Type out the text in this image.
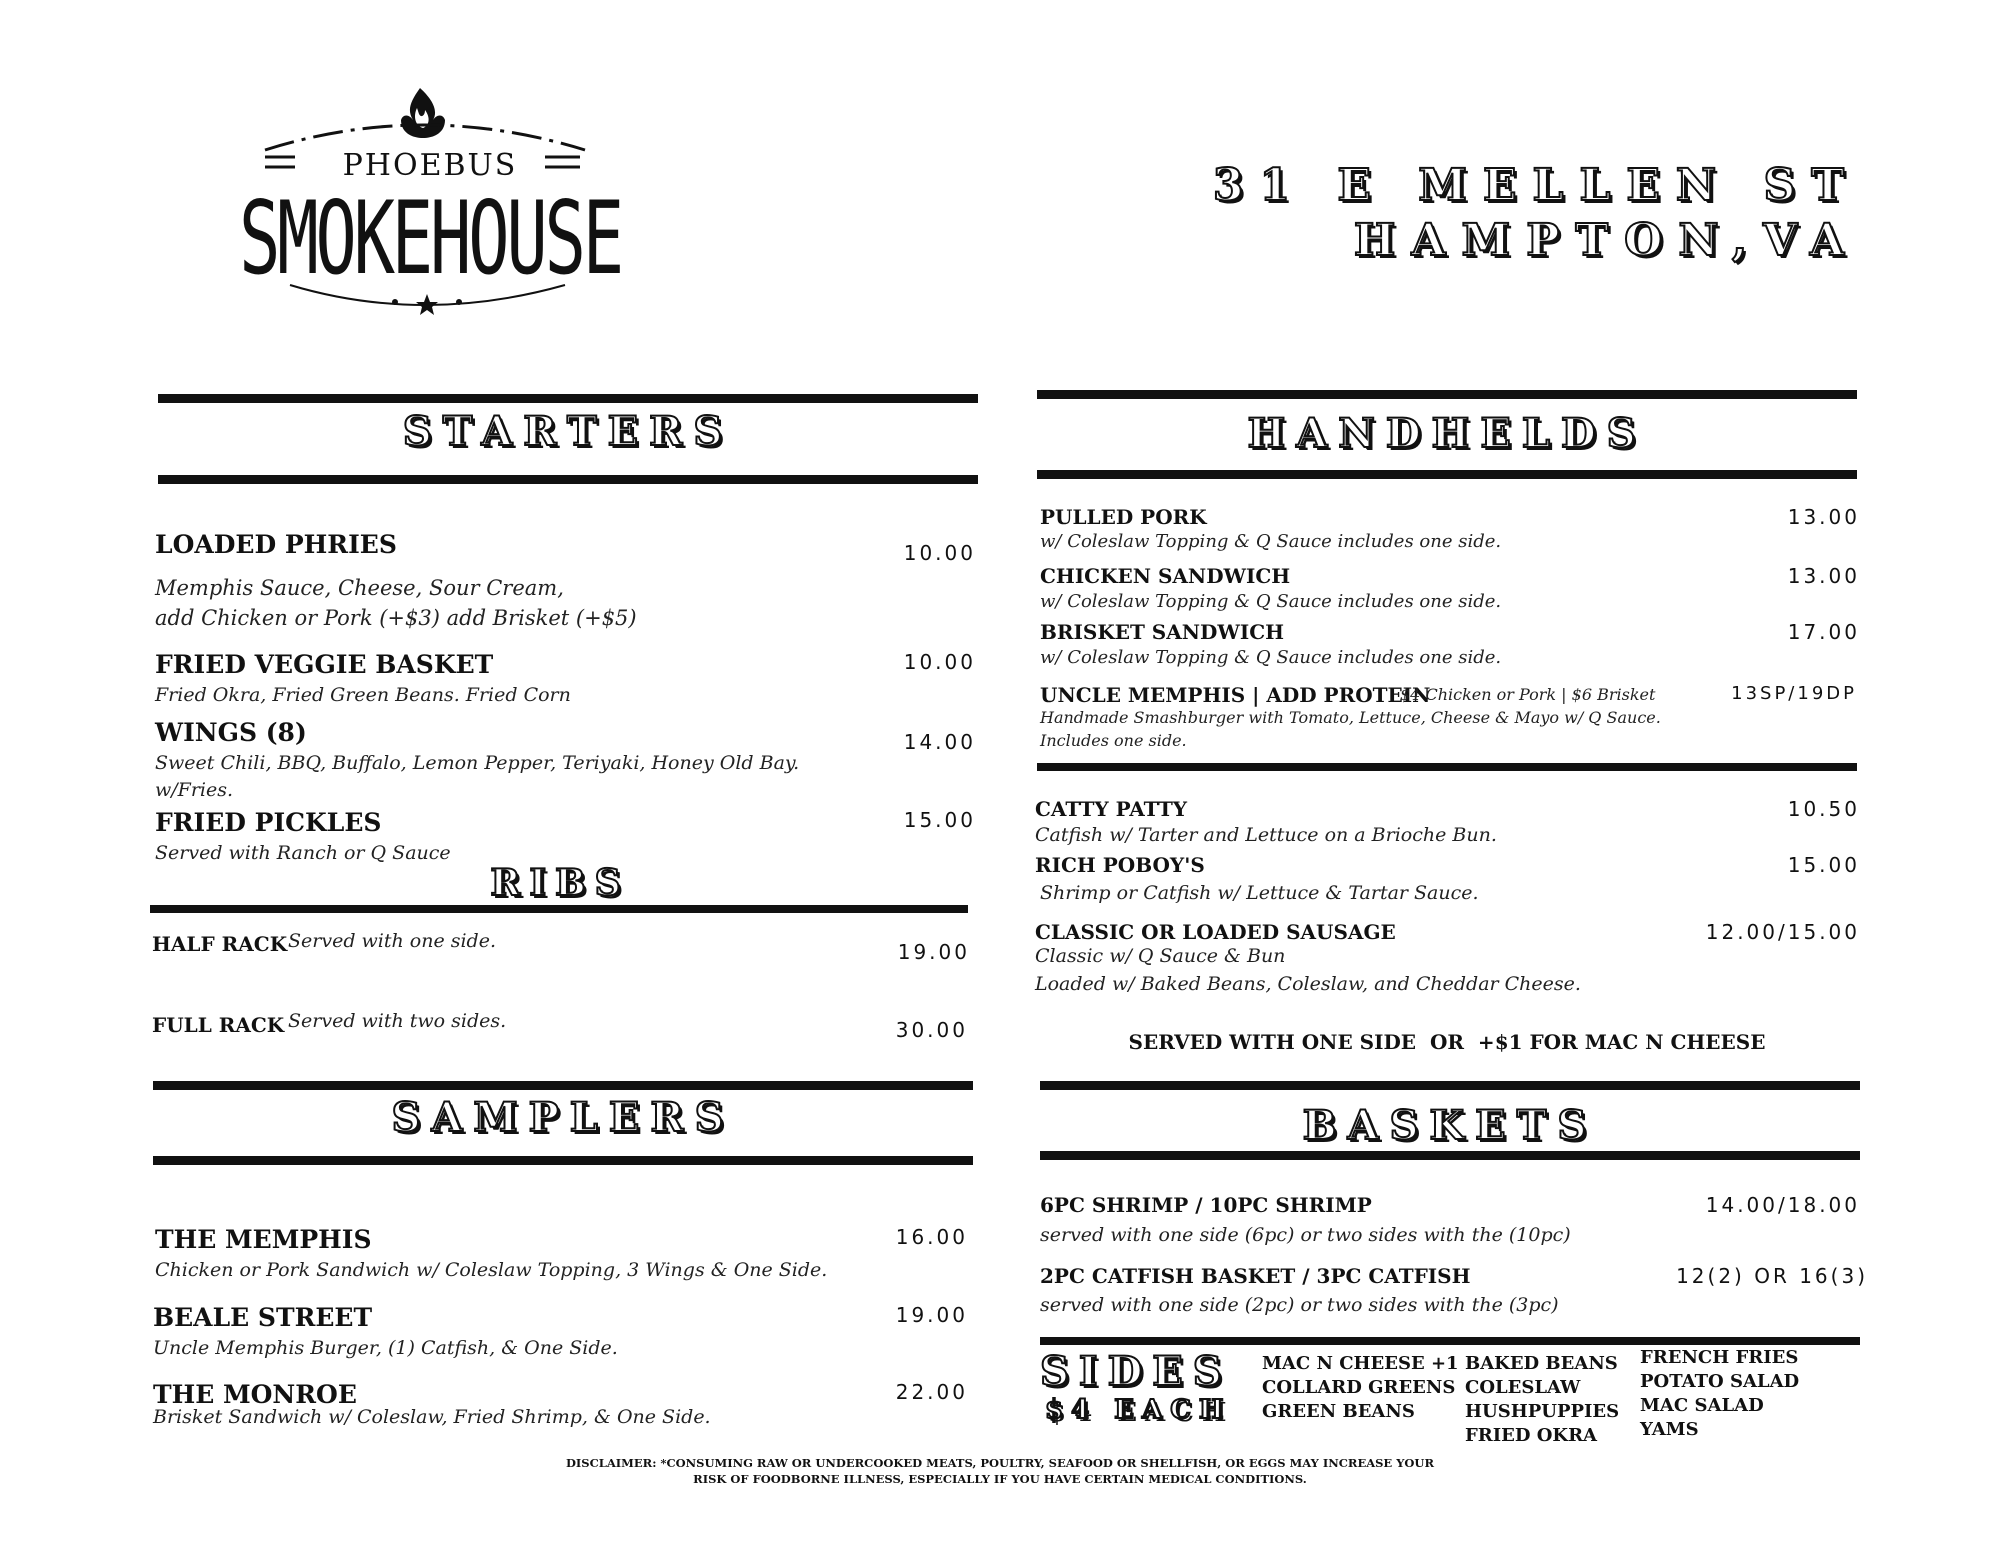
PHOEBUS
SMOKEHOUSE	31 E MELLEN ST
HAMPTON,VA
STARTERS
LOADED PHRIES	10.00
Memphis Sauce, Cheese, Sour Cream,
add Chicken or Pork (+$3) add Brisket (+$5)
FRIED VEGGIE BASKET	10.00
Fried Okra, Fried Green Beans. Fried Corn
WINGS (8)	14.00
Sweet Chili, BBQ, Buffalo, Lemon Pepper, Teriyaki, Honey Old Bay.
w/Fries.
FRIED PICKLES	15.00
Served with Ranch or Q Sauce
RIBS
HALF RACK Served with one side.	19.00
FULL RACK Served with two sides.	30.00
SAMPLERS
THE MEMPHIS	16.00
Chicken or Pork Sandwich w/ Coleslaw Topping, 3 Wings & One Side.
BEALE STREET	19.00
Uncle Memphis Burger, (1) Catfish, & One Side.
THE MONROE	22.00
Brisket Sandwich w/ Coleslaw, Fried Shrimp, & One Side.
HANDHELDS
PULLED PORK	13.00
w/ Coleslaw Topping & Q Sauce includes one side.
CHICKEN SANDWICH	13.00
w/ Coleslaw Topping & Q Sauce includes one side.
BRISKET SANDWICH	17.00
w/ Coleslaw Topping & Q Sauce includes one side.
UNCLE MEMPHIS | ADD PROTEIN
$4 Chicken or Pork | $6 Brisket	13SP/19DP
Handmade Smashburger with Tomato, Lettuce, Cheese & Mayo w/ Q Sauce.
Includes one side.
CATTY PATTY	10.50
Catfish w/ Tarter and Lettuce on a Brioche Bun.
RICH POBOY'S	15.00
Shrimp or Catfish w/ Lettuce & Tartar Sauce.
CLASSIC OR LOADED SAUSAGE	12.00/15.00
Classic w/ Q Sauce & Bun
Loaded w/ Baked Beans, Coleslaw, and Cheddar Cheese.
SERVED WITH ONE SIDE  OR  +$1 FOR MAC N CHEESE
BASKETS
6PC SHRIMP / 10PC SHRIMP	14.00/18.00
served with one side (6pc) or two sides with the (10pc)
2PC CATFISH BASKET / 3PC CATFISH	12(2) OR 16(3)
served with one side (2pc) or two sides with the (3pc)
SIDES
$4 EACH
MAC N CHEESE +1
COLLARD GREENS
GREEN BEANS
BAKED BEANS
COLESLAW
HUSHPUPPIES
FRIED OKRA
FRENCH FRIES
POTATO SALAD
MAC SALAD
YAMS
DISCLAIMER: *CONSUMING RAW OR UNDERCOOKED MEATS, POULTRY, SEAFOOD OR SHELLFISH, OR EGGS MAY INCREASE YOUR
RISK OF FOODBORNE ILLNESS, ESPECIALLY IF YOU HAVE CERTAIN MEDICAL CONDITIONS.
